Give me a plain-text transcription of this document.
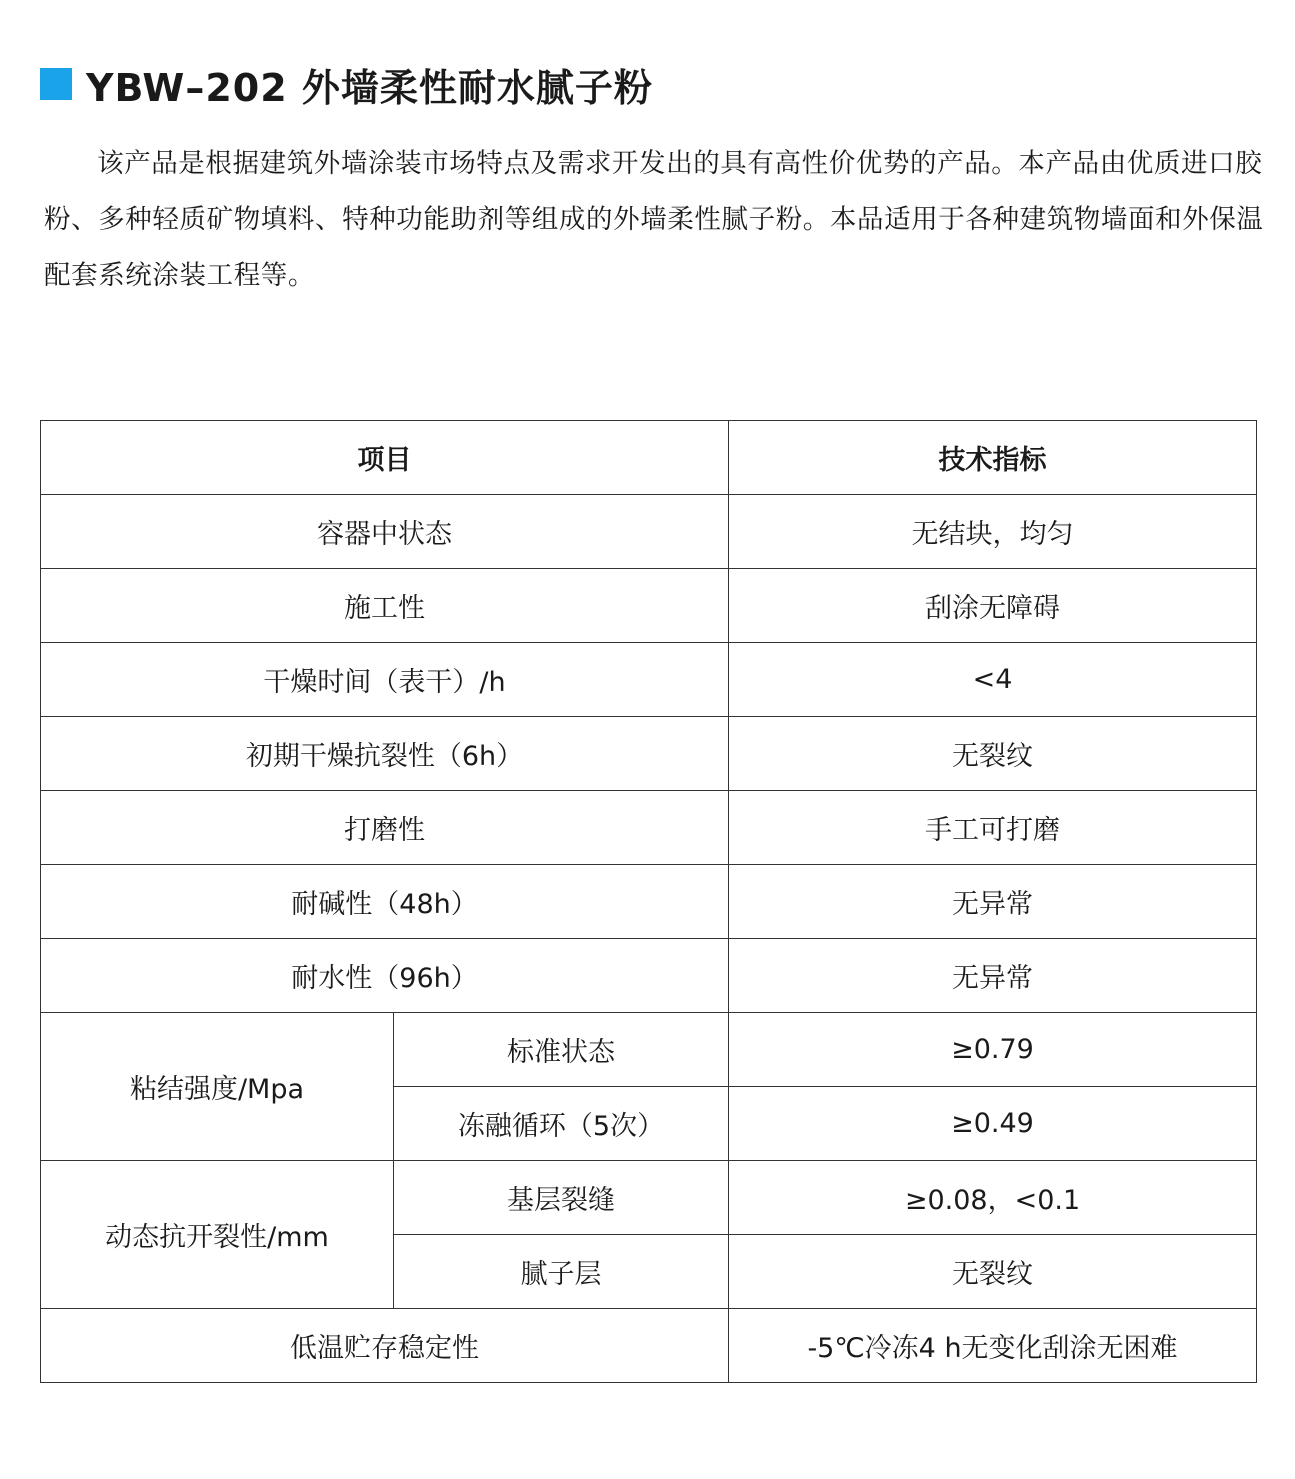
YBW–202 外墙柔性耐水腻子粉

该产品是根据建筑外墙涂装市场特点及需求开发出的具有高性价优势的产品。本产品由优质进口胶粉、多种轻质矿物填料、特种功能助剂等组成的外墙柔性腻子粉。本品适用于各种建筑物墙面和外保温配套系统涂装工程等。

项目		技术指标
容器中状态		无结块，均匀
施工性		刮涂无障碍
干燥时间（表干）/h		<4
初期干燥抗裂性（6h）		无裂纹
打磨性		手工可打磨
耐碱性（48h）		无异常
耐水性（96h）		无异常
粘结强度/Mpa	标准状态	≥0.79
	冻融循环（5次）	≥0.49
动态抗开裂性/mm	基层裂缝	≥0.08，<0.1
	腻子层	无裂纹
低温贮存稳定性		-5℃冷冻4 h无变化刮涂无困难
